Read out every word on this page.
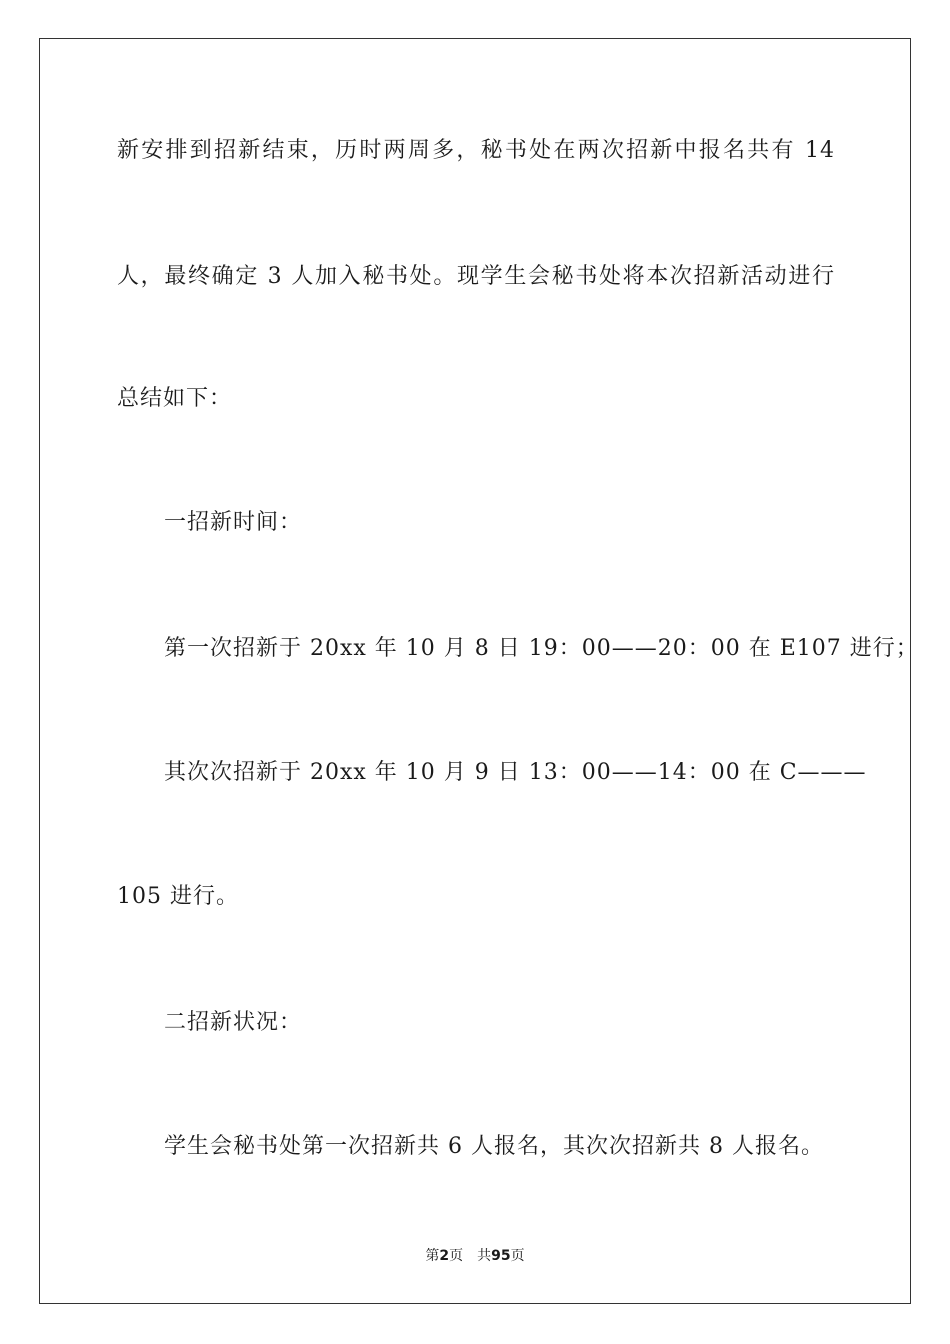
新安排到招新结束，历时两周多，秘书处在两次招新中报名共有 14
人，最终确定 3 人加入秘书处。现学生会秘书处将本次招新活动进行
总结如下：
一招新时间：
第一次招新于 20xx 年 10 月 8 日 19：00——20：00 在 E107 进行；
其次次招新于 20xx 年 10 月 9 日 13：00——14：00 在 C———
105 进行。
二招新状况：
学生会秘书处第一次招新共 6 人报名，其次次招新共 8 人报名。
第2页 共95页
